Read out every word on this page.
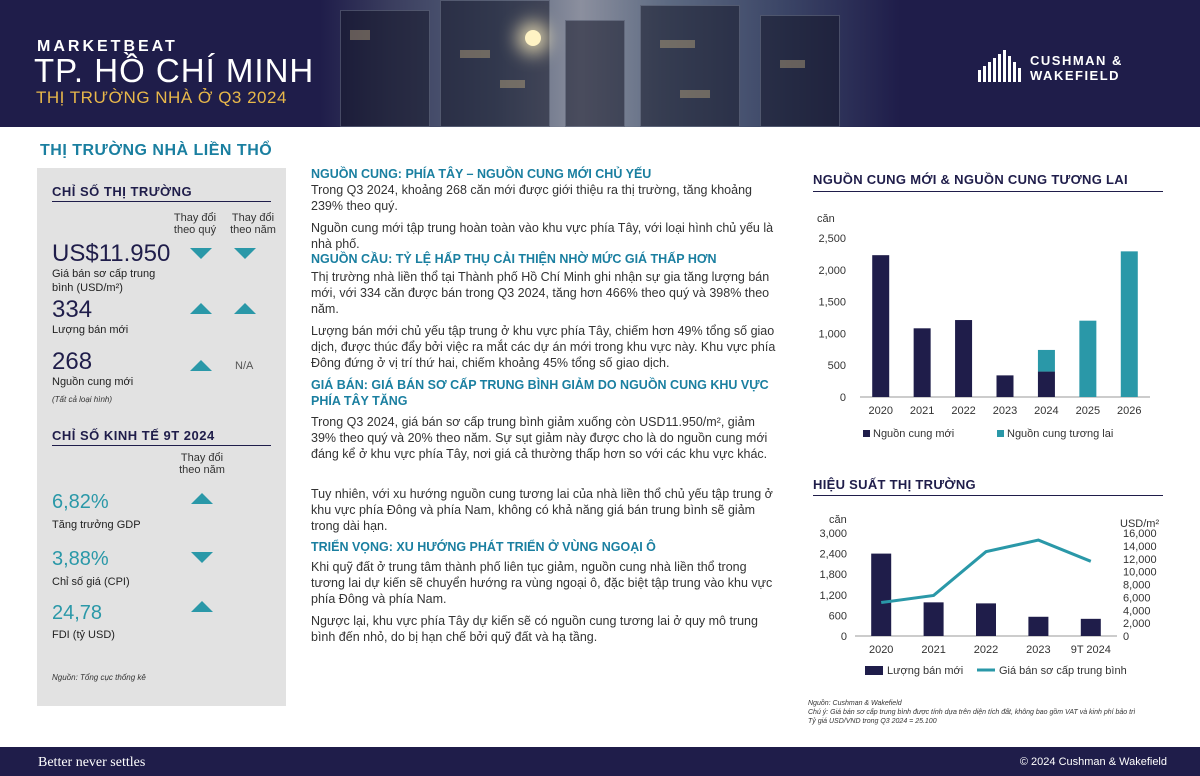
MARKETBEAT
TP. HỒ CHÍ MINH
THỊ TRƯỜNG NHÀ Ở Q3 2024
CUSHMAN &
WAKEFIELD
THỊ TRƯỜNG NHÀ LIỀN THỔ
CHỈ SỐ THỊ TRƯỜNG
Thay đổi theo quý
Thay đổi theo năm
US$11.950
Giá bán sơ cấp trung bình (USD/m²)
334
Lượng bán mới
268	N/A
Nguồn cung mới
(Tất cả loại hình)
CHỈ SỐ KINH TẾ 9T 2024
Thay đổi theo năm
6,82%
Tăng trưởng GDP
3,88%
Chỉ số giá (CPI)
24,78
FDI (tỷ USD)
Nguồn: Tổng cục thống kê
NGUỒN CUNG: PHÍA TÂY – NGUỒN CUNG MỚI CHỦ YẾU
Trong Q3 2024, khoảng 268 căn mới được giới thiệu ra thị trường, tăng khoảng 239% theo quý.
Nguồn cung mới tập trung hoàn toàn vào khu vực phía Tây, với loại hình chủ yếu là nhà phố.
NGUỒN CẦU: TỶ LỆ HẤP THỤ CẢI THIỆN NHỜ MỨC GIÁ THẤP HƠN
Thị trường nhà liền thổ tại Thành phố Hồ Chí Minh ghi nhận sự gia tăng lượng bán mới, với 334 căn được bán trong Q3 2024, tăng hơn 466% theo quý và 398% theo năm.
Lượng bán mới chủ yếu tập trung ở khu vực phía Tây, chiếm hơn 49% tổng số giao dịch, được thúc đẩy bởi việc ra mắt các dự án mới trong khu vực này. Khu vực phía Đông đứng ở vị trí thứ hai, chiếm khoảng 45% tổng số giao dịch.
GIÁ BÁN: GIÁ BÁN SƠ CẤP TRUNG BÌNH GIẢM DO NGUỒN CUNG KHU VỰC PHÍA TÂY TĂNG
Trong Q3 2024, giá bán sơ cấp trung bình giảm xuống còn USD11.950/m², giảm 39% theo quý và 20% theo năm. Sự sụt giảm này được cho là do nguồn cung mới đáng kể ở khu vực phía Tây, nơi giá cả thường thấp hơn so với các khu vực khác.
Tuy nhiên, với xu hướng nguồn cung tương lai của nhà liền thổ chủ yếu tập trung ở khu vực phía Đông và phía Nam, không có khả năng giá bán trung bình sẽ giảm trong dài hạn.
TRIỂN VỌNG: XU HƯỚNG PHÁT TRIỂN Ở VÙNG NGOẠI Ô
Khi quỹ đất ở trung tâm thành phố liên tục giảm, nguồn cung nhà liền thổ trong tương lai dự kiến sẽ chuyển hướng ra vùng ngoại ô, đặc biệt tập trung vào khu vực phía Đông và phía Nam.
Ngược lại, khu vực phía Tây dự kiến sẽ có nguồn cung tương lai ở quy mô trung bình đến nhỏ, do bị hạn chế bởi quỹ đất và hạ tầng.
NGUỒN CUNG MỚI & NGUỒN CUNG TƯƠNG LAI
căn
0
500
1,000
1,500
2,000
2,500
2020 2021 2022 2023 2024 2025 2026
Nguồn cung mới	Nguồn cung tương lai
HIỆU SUẤT THỊ TRƯỜNG
căn	USD/m²
0
600
1,200
1,800
2,400
3,000
0
2,000
4,000
6,000
8,000
10,000
12,000
14,000
16,000
2020	2021	2022	2023 9T 2024
Lượng bán mới	Giá bán sơ cấp trung bình
Nguồn: Cushman & Wakefield
Chú ý: Giá bán sơ cấp trung bình được tính dựa trên diện tích đất, không bao gồm VAT và kinh phí bảo trì
Tỷ giá USD/VND trong Q3 2024 = 25.100
Better never settles	© 2024 Cushman & Wakefield
